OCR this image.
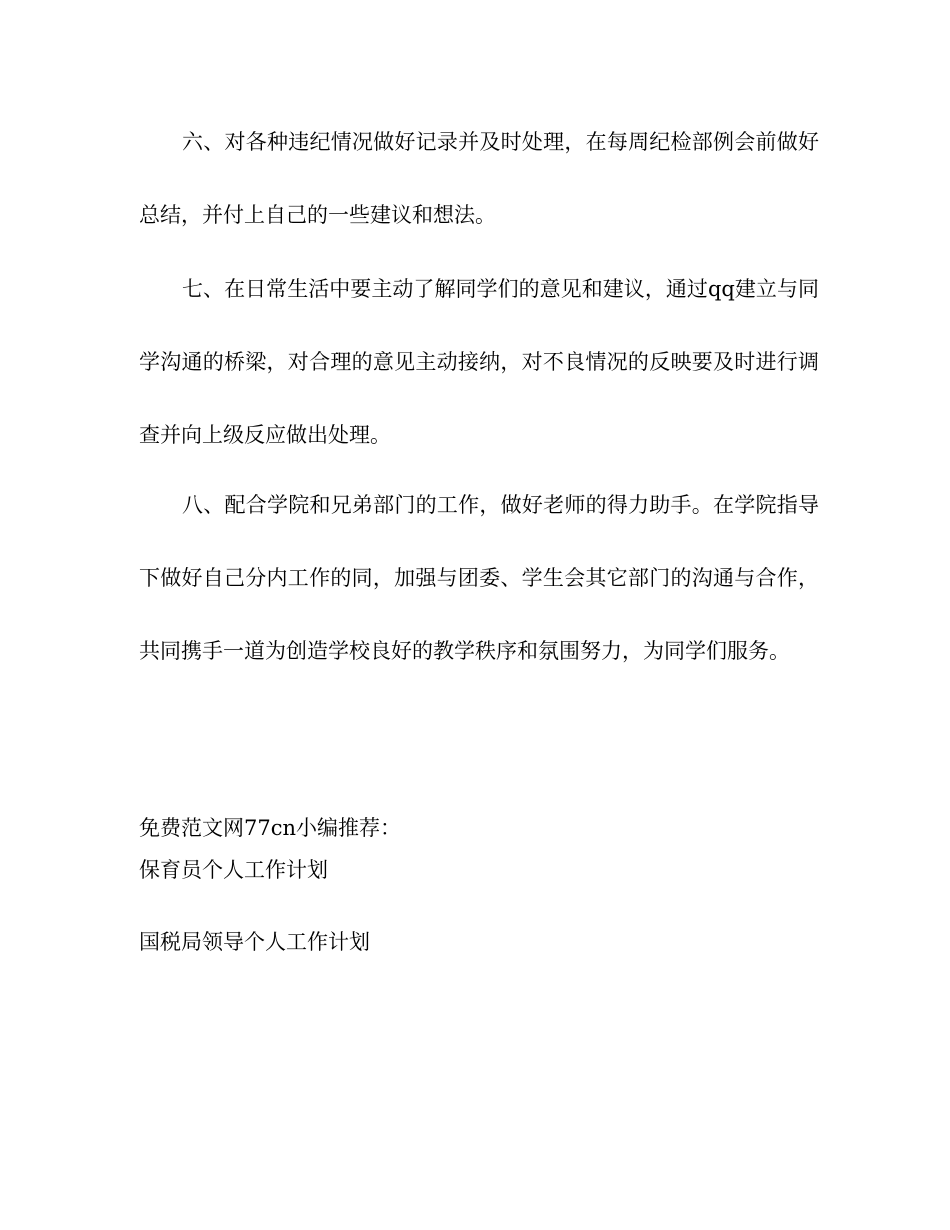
六、对各种违纪情况做好记录并及时处理，在每周纪检部例会前做好总结，并付上自己的一些建议和想法。

七、在日常生活中要主动了解同学们的意见和建议，通过qq建立与同学沟通的桥梁，对合理的意见主动接纳，对不良情况的反映要及时进行调查并向上级反应做出处理。

八、配合学院和兄弟部门的工作，做好老师的得力助手。在学院指导下做好自己分内工作的同，加强与团委、学生会其它部门的沟通与合作，共同携手一道为创造学校良好的教学秩序和氛围努力，为同学们服务。

免费范文网77cn小编推荐：

保育员个人工作计划

国税局领导个人工作计划
